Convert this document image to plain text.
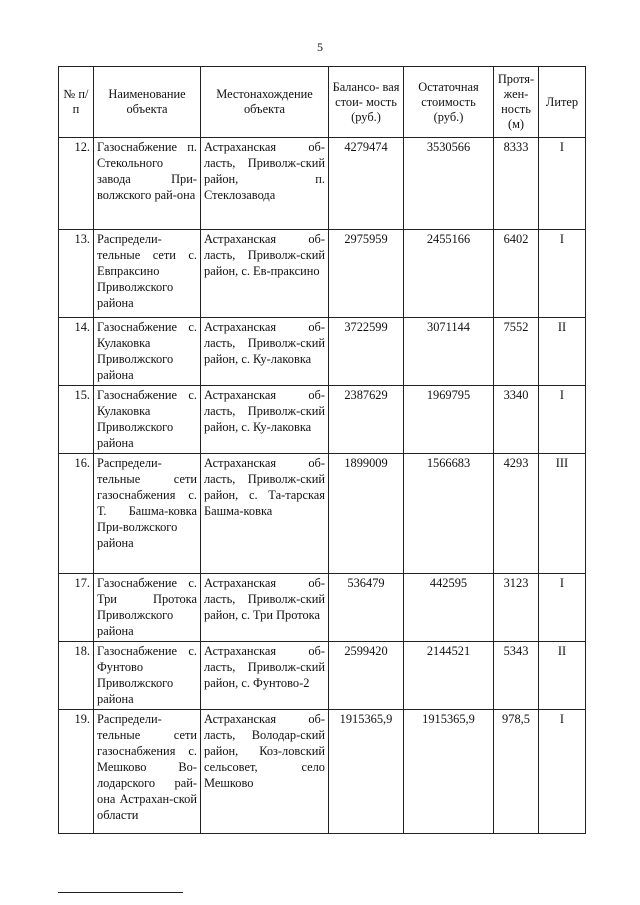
5
№ п/п	Наименование объекта	Местонахождение объекта	Балансо- вая стои- мость (руб.)	Остаточная стоимость (руб.)	Протя- жен- ность (м)	Литер
12.	Газоснабжение п. Стекольного завода При-волжского рай-она	Астраханская об-ласть, Приволж-ский район, п. Стеклозавода	4279474	3530566	8333	I
13.	Распредели-тельные сети с. Евпраксино Приволжского района	Астраханская об-ласть, Приволж-ский район, с. Ев-праксино	2975959	2455166	6402	I
14.	Газоснабжение с. Кулаковка Приволжского района	Астраханская об-ласть, Приволж-ский район, с. Ку-лаковка	3722599	3071144	7552	II
15.	Газоснабжение с. Кулаковка Приволжского района	Астраханская об-ласть, Приволж-ский район, с. Ку-лаковка	2387629	1969795	3340	I
16.	Распредели-тельные сети газоснабжения с. Т. Башма-ковка При-волжского района	Астраханская об-ласть, Приволж-ский район, с. Та-тарская Башма-ковка	1899009	1566683	4293	III
17.	Газоснабжение с. Три Протока Приволжского района	Астраханская об-ласть, Приволж-ский район, с. Три Протока	536479	442595	3123	I
18.	Газоснабжение с. Фунтово Приволжского района	Астраханская об-ласть, Приволж-ский район, с. Фунтово-2	2599420	2144521	5343	II
19.	Распредели-тельные сети газоснабжения с. Мешково Во-лодарского рай-она Астрахан-ской области	Астраханская об-ласть, Володар-ский район, Коз-ловский сельсовет, село Мешково	1915365,9	1915365,9	978,5	I
